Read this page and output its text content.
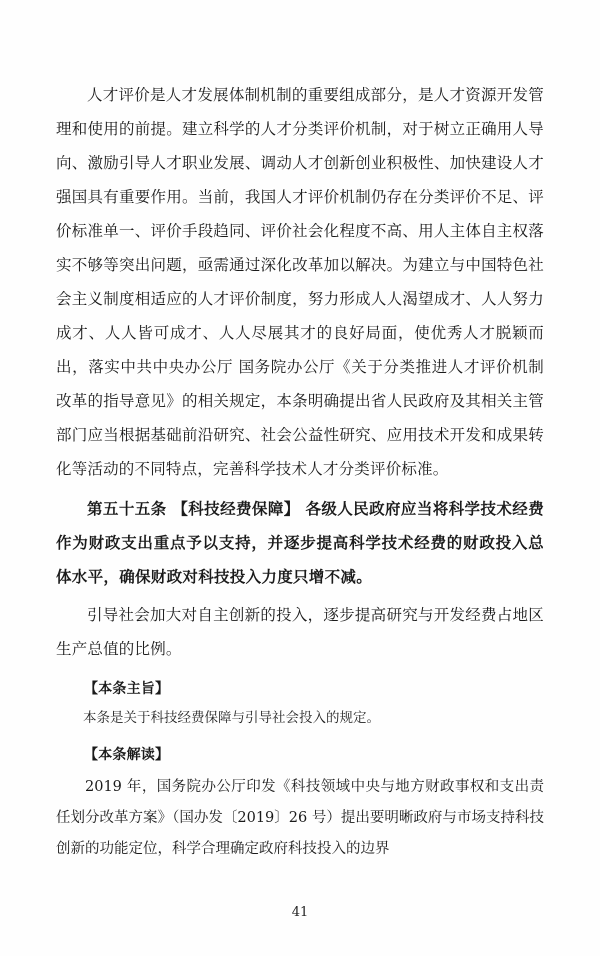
人才评价是人才发展体制机制的重要组成部分，是人才资源开发管理和使用的前提。建立科学的人才分类评价机制，对于树立正确用人导向、激励引导人才职业发展、调动人才创新创业积极性、加快建设人才强国具有重要作用。当前，我国人才评价机制仍存在分类评价不足、评价标准单一、评价手段趋同、评价社会化程度不高、用人主体自主权落实不够等突出问题，亟需通过深化改革加以解决。为建立与中国特色社会主义制度相适应的人才评价制度，努力形成人人渴望成才、人人努力成才、人人皆可成才、人人尽展其才的良好局面，使优秀人才脱颖而出，落实中共中央办公厅 国务院办公厅《关于分类推进人才评价机制改革的指导意见》的相关规定，本条明确提出省人民政府及其相关主管部门应当根据基础前沿研究、社会公益性研究、应用技术开发和成果转化等活动的不同特点，完善科学技术人才分类评价标准。

第五十五条 【科技经费保障】 各级人民政府应当将科学技术经费作为财政支出重点予以支持，并逐步提高科学技术经费的财政投入总体水平，确保财政对科技投入力度只增不减。

引导社会加大对自主创新的投入，逐步提高研究与开发经费占地区生产总值的比例。

【本条主旨】

本条是关于科技经费保障与引导社会投入的规定。

【本条解读】

2019 年，国务院办公厅印发《科技领域中央与地方财政事权和支出责任划分改革方案》（国办发〔2019〕26 号）提出要明晰政府与市场支持科技创新的功能定位，科学合理确定政府科技投入的边界

41
